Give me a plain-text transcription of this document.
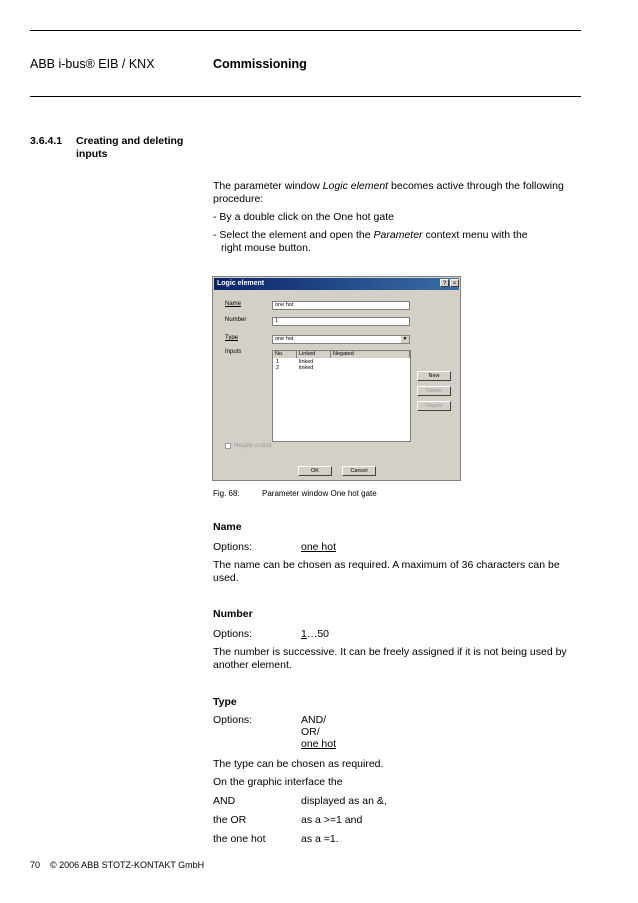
ABB i-bus® EIB / KNX	Commissioning
3.6.4.1 Creating and deleting
inputs
The parameter window Logic element becomes active through the following
procedure:
- By a double click on the One hot gate
- Select the element and open the Parameter context menu with the
right mouse button.
Logic element	?	×
Name	one hot
Number	1
Type	one hot	▼
Inputs	No.	Linked	Negated
1	linked
2	linked
New
Delete
Negate
Negate output
OK	Cancel
Fig. 68:	Parameter window One hot gate
Name
Options:	one hot
The name can be chosen as required. A maximum of 36 characters can be
used.
Number
Options:	1…50
The number is successive. It can be freely assigned if it is not being used by
another element.
Type
Options:	AND/
OR/
one hot
The type can be chosen as required.
On the graphic interface the
AND	displayed as an &,
the OR	as a >=1 and
the one hot	as a =1.
70 © 2006 ABB STOTZ-KONTAKT GmbH
